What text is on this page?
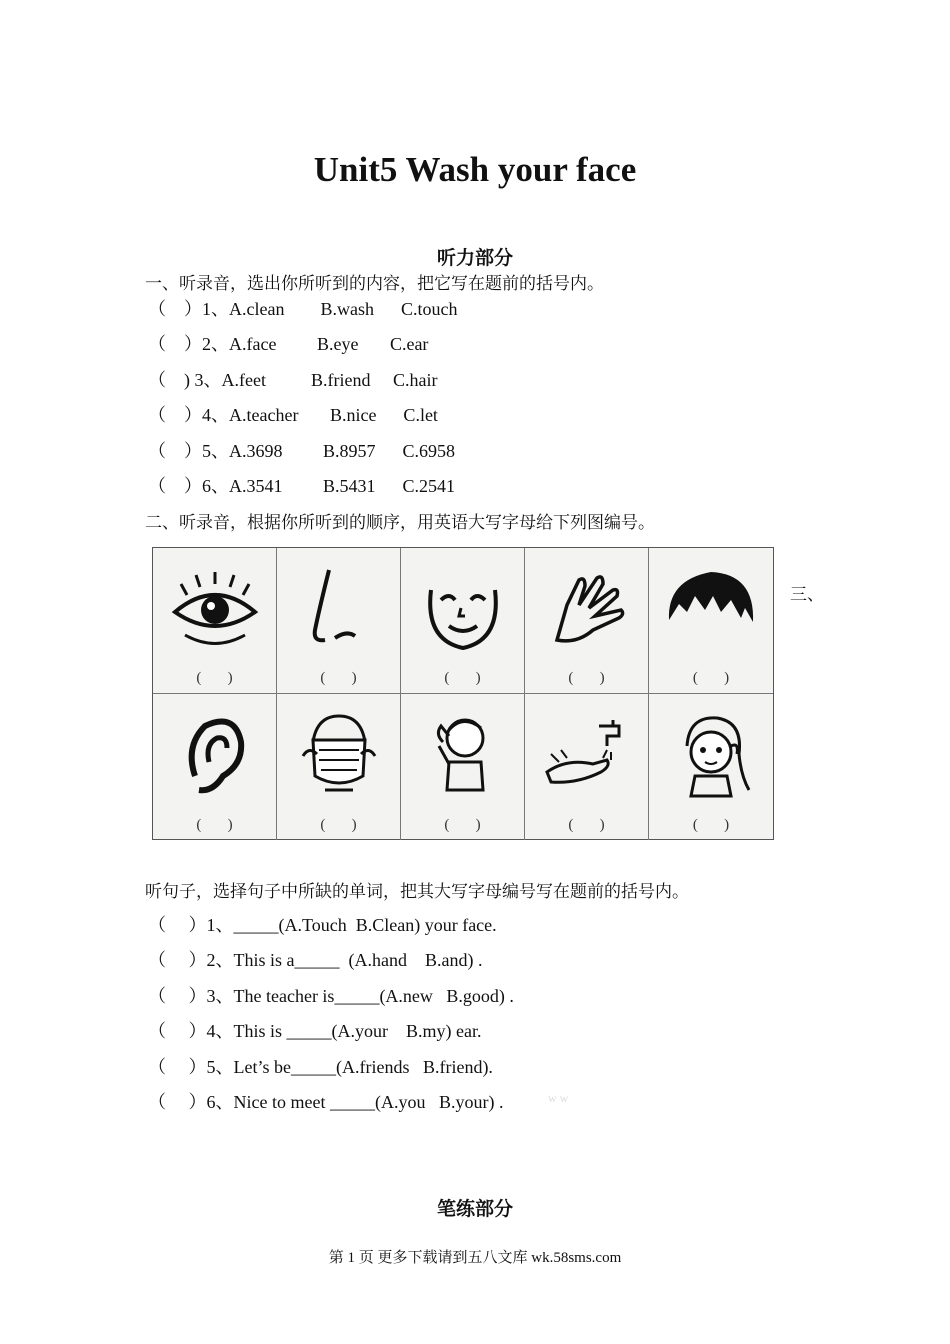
Unit5 Wash your face
听力部分
一、听录音，选出你所听到的内容，把它写在题前的括号内。
（    ）1、A.clean        B.wash      C.touch
（    ）2、A.face         B.eye       C.ear
（    ) 3、A.feet          B.friend     C.hair
（    ）4、A.teacher       B.nice      C.let
（    ）5、A.3698         B.8957      C.6958
（    ）6、A.3541         B.5431      C.2541
二、听录音，根据你所听到的顺序，用英语大写字母给下列图编号。
(       )	(       )	(       )	(       )	(       )
(       )	(       )	(       )	(       )	(       )
三、
听句子，选择句子中所缺的单词，把其大写字母编号写在题前的括号内。
（     ）1、_____(A.Touch  B.Clean) your face.
（     ）2、This is a_____  (A.hand    B.and) .
（     ）3、The teacher is_____(A.new   B.good) .
（     ）4、This is _____(A.your    B.my) ear.
（     ）5、Let’s be_____(A.friends   B.friend).
（     ）6、Nice to meet _____(A.you   B.your) .	w w
笔练部分
第 1 页 更多下载请到五八文库 wk.58sms.com
